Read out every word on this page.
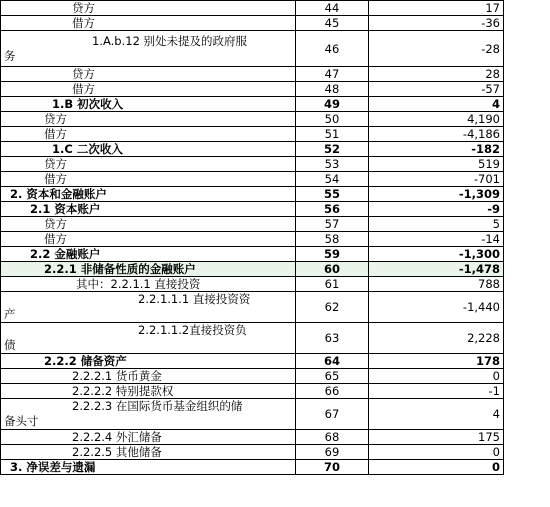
贷方	44	17
借方	45	-36

1.A.b.12 别处未提及的政府服
务	46	-28
贷方	47	28
借方	48	-57
1.B 初次收入	49	4
贷方	50	4,190
借方	51	-4,186
1.C 二次收入	52	-182
贷方	53	519
借方	54	-701
2. 资本和金融账户	55	-1,309
2.1 资本账户	56	-9
贷方	57	5
借方	58	-14
2.2 金融账户	59	-1,300
2.2.1 非储备性质的金融账户	60	-1,478
其中：2.2.1.1 直接投资	61	788

2.2.1.1.1 直接投资资
产	62	-1,440

2.2.1.1.2直接投资负
债	63	2,228
2.2.2 储备资产	64	178
2.2.2.1 货币黄金	65	0
2.2.2.2 特别提款权	66	-1

2.2.2.3 在国际货币基金组织的储
备头寸	67	4
2.2.2.4 外汇储备	68	175
2.2.2.5 其他储备	69	0
3. 净误差与遗漏	70	0
